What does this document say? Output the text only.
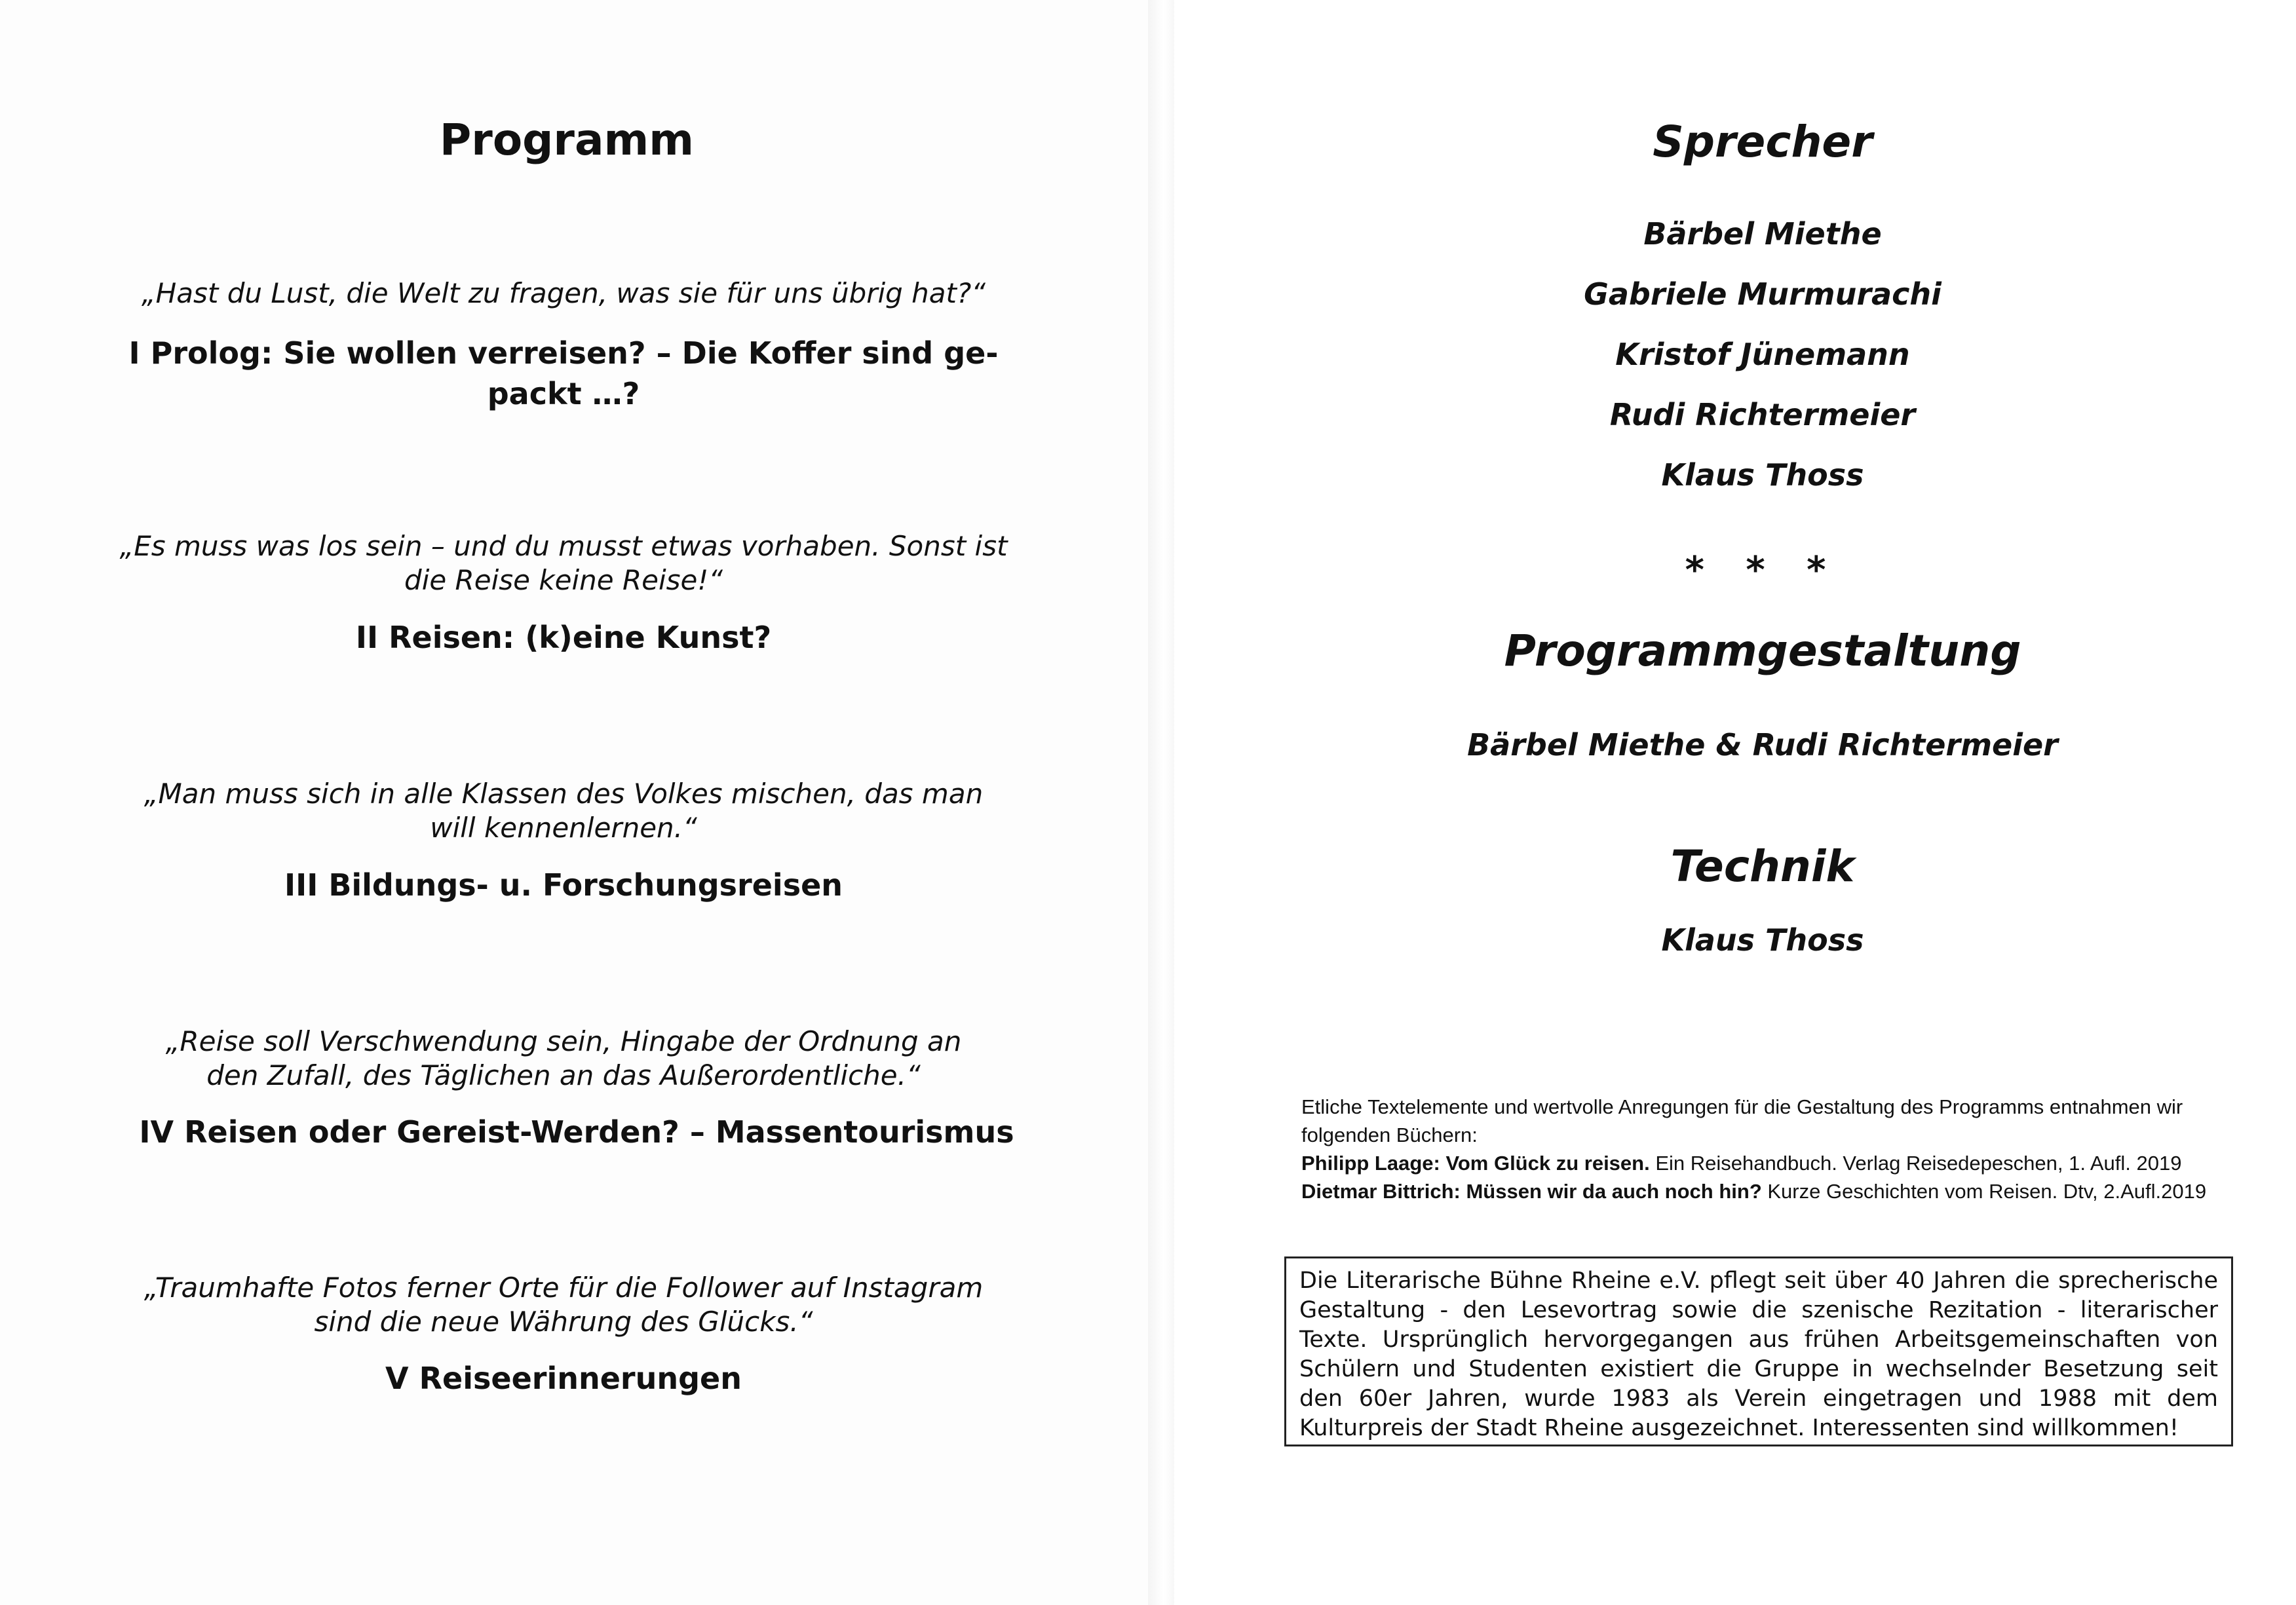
Programm
„Hast du Lust, die Welt zu fragen, was sie für uns übrig hat?“
I Prolog: Sie wollen verreisen? – Die Koffer sind ge-
packt …?
„Es muss was los sein – und du musst etwas vorhaben. Sonst ist
die Reise keine Reise!“
II Reisen: (k)eine Kunst?
„Man muss sich in alle Klassen des Volkes mischen, das man
will kennenlernen.“
III Bildungs- u. Forschungsreisen
„Reise soll Verschwendung sein, Hingabe der Ordnung an
den Zufall, des Täglichen an das Außerordentliche.“
IV Reisen oder Gereist-Werden? – Massentourismus
„Traumhafte Fotos ferner Orte für die Follower auf Instagram
sind die neue Währung des Glücks.“
V Reiseerinnerungen
Sprecher
Bärbel Miethe
Gabriele Murmurachi
Kristof Jünemann
Rudi Richtermeier
Klaus Thoss
* * *
Programmgestaltung
Bärbel Miethe & Rudi Richtermeier
Technik
Klaus Thoss
Etliche Textelemente und wertvolle Anregungen für die Gestaltung des Programms entnahmen wir
folgenden Büchern:
Philipp Laage: Vom Glück zu reisen. Ein Reisehandbuch. Verlag Reisedepeschen, 1. Aufl. 2019
Dietmar Bittrich: Müssen wir da auch noch hin? Kurze Geschichten vom Reisen. Dtv, 2.Aufl.2019
Die Literarische Bühne Rheine e.V. pflegt seit über 40 Jahren die sprecherische Gestaltung - den Lesevortrag sowie die szenische Rezitation - literarischer Texte. Ursprünglich hervorgegangen aus frühen Arbeitsgemeinschaften von Schülern und Studenten existiert die Gruppe in wechselnder Besetzung seit den 60er Jahren, wurde 1983 als Verein eingetragen und 1988 mit dem Kulturpreis der Stadt Rheine ausgezeichnet. Interessenten sind willkommen!
